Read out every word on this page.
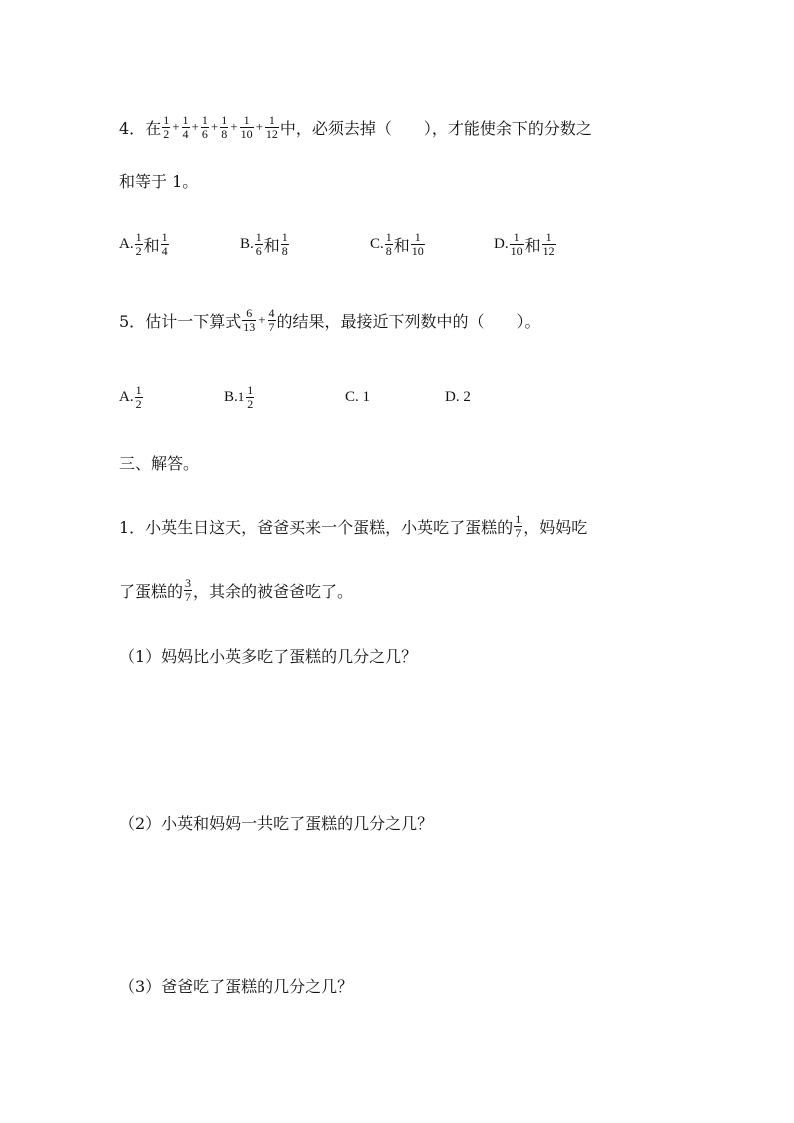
4． 在 $\frac{1}{2} + \frac{1}{4} + \frac{1}{6} + \frac{1}{8} + \frac{1}{10} + \frac{1}{12}$ 中，必须去掉（　　），才能使余下的分数之
和等于 1。
A. $\frac{1}{2}$ 和 $\frac{1}{4}$	B. $\frac{1}{6}$ 和 $\frac{1}{8}$	C. $\frac{1}{8}$ 和 $\frac{1}{10}$	D. $\frac{1}{10}$ 和 $\frac{1}{12}$
5． 估计一下算式 $\frac{6}{13} + \frac{4}{7}$ 的结果，最接近下列数中的（　　）。
A. $\frac{1}{2}$	B. $1 \frac{1}{2}$	C. 1	D. 2
三、解答。
1．小英生日这天，爸爸买来一个蛋糕，小英吃了蛋糕的 $\frac{1}{7}$ ，妈妈吃
了蛋糕的 $\frac{3}{7}$ ，其余的被爸爸吃了。
（1）妈妈比小英多吃了蛋糕的几分之几？
（2）小英和妈妈一共吃了蛋糕的几分之几？
（3）爸爸吃了蛋糕的几分之几？
